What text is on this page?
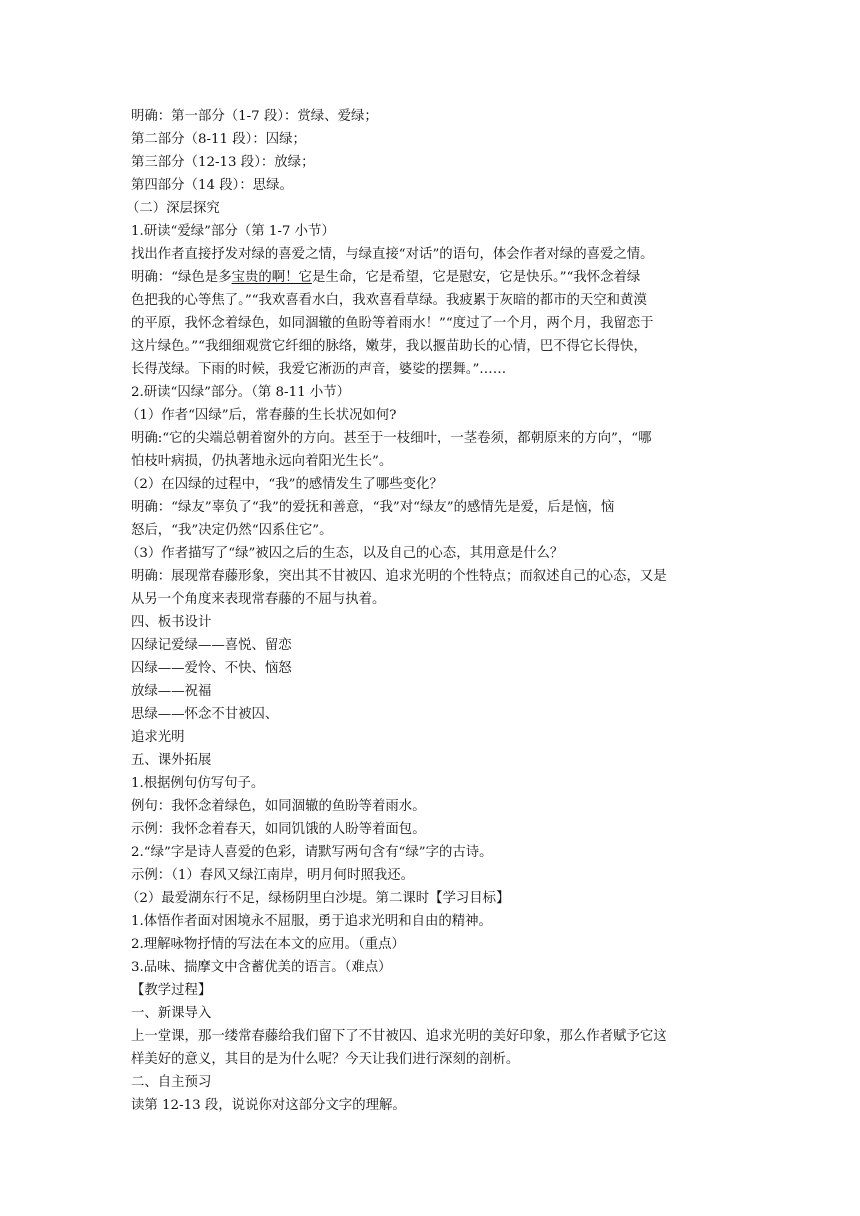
明确：第一部分（1-7 段）：赏绿、爱绿；
第二部分（8-11 段）：囚绿；
第三部分（12-13 段）：放绿；
第四部分（14 段）：思绿。
（二）深层探究
1.研读“爱绿”部分（第 1-7 小节）
找出作者直接抒发对绿的喜爱之情，与绿直接“对话”的语句，体会作者对绿的喜爱之情。
明确：“绿色是多宝贵的啊！它是生命，它是希望，它是慰安，它是快乐。”“我怀念着绿
色把我的心等焦了。”“我欢喜看水白，我欢喜看草绿。我疲累于灰暗的都市的天空和黄漠
的平原，我怀念着绿色，如同涸辙的鱼盼等着雨水！”“度过了一个月，两个月，我留恋于
这片绿色。”“我细细观赏它纤细的脉络，嫩芽，我以揠苗助长的心情，巴不得它长得快，
长得茂绿。下雨的时候，我爱它淅沥的声音，婆娑的摆舞。”……
2.研读“囚绿”部分。（第 8-11 小节）
（1）作者“囚绿”后，常春藤的生长状况如何?
明确:“它的尖端总朝着窗外的方向。甚至于一枝细叶，一茎卷须，都朝原来的方向”，“哪
怕枝叶病损，仍执著地永远向着阳光生长”。
（2）在囚绿的过程中，“我”的感情发生了哪些变化？
明确：“绿友”辜负了“我”的爱抚和善意，“我”对“绿友”的感情先是爱，后是恼，恼
怒后，“我”决定仍然“囚系住它”。
（3）作者描写了“绿”被囚之后的生态，以及自己的心态，其用意是什么？
明确：展现常春藤形象，突出其不甘被囚、追求光明的个性特点；而叙述自己的心态，又是
从另一个角度来表现常春藤的不屈与执着。
四、板书设计
囚绿记爱绿——喜悦、留恋
囚绿——爱怜、不快、恼怒
放绿——祝福
思绿——怀念不甘被囚、
追求光明
五、课外拓展
1.根据例句仿写句子。
例句：我怀念着绿色，如同涸辙的鱼盼等着雨水。
示例：我怀念着春天，如同饥饿的人盼等着面包。
2.“绿”字是诗人喜爱的色彩，请默写两句含有“绿”字的古诗。
示例：（1）春风又绿江南岸，明月何时照我还。
（2）最爱湖东行不足，绿杨阴里白沙堤。第二课时【学习目标】
1.体悟作者面对困境永不屈服，勇于追求光明和自由的精神。
2.理解咏物抒情的写法在本文的应用。（重点）
3.品味、揣摩文中含蓄优美的语言。（难点）
【教学过程】
一、新课导入
上一堂课，那一缕常春藤给我们留下了不甘被囚、追求光明的美好印象，那么作者赋予它这
样美好的意义，其目的是为什么呢？今天让我们进行深刻的剖析。
二、自主预习
读第 12-13 段，说说你对这部分文字的理解。
